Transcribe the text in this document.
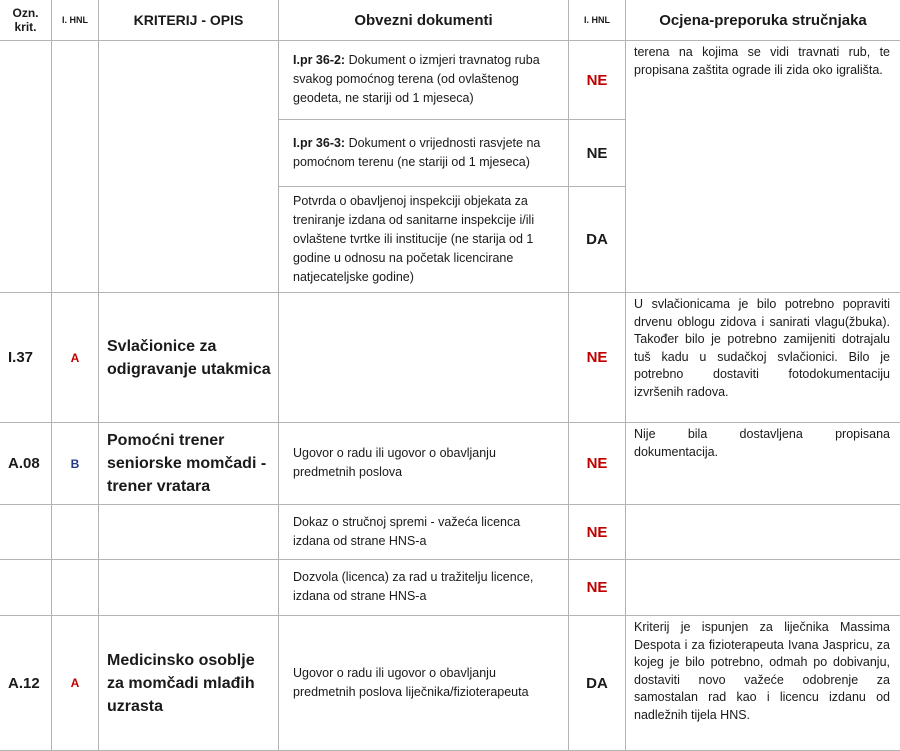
Ozn. krit.	I. HNL	KRITERIJ - OPIS	Obvezni dokumenti	I. HNL	Ocjena-preporuka stručnjaka
			I.pr 36-2: Dokument o izmjeri travnatog ruba svakog pomoćnog terena (od ovlaštenog geodeta, ne stariji od 1 mjeseca)	NE	terena na kojima se vidi travnati rub, te propisana zaštita ograde ili zida oko igrališta.
			I.pr 36-3: Dokument o vrijednosti rasvjete na pomoćnom terenu (ne stariji od 1 mjeseca)	NE	
			Potvrda o obavljenoj inspekciji objekata za treniranje izdana od sanitarne inspekcije i/ili ovlaštene tvrtke ili institucije (ne starija od 1 godine u odnosu na početak licencirane natjecateljske godine)	DA	
I.37	A	Svlačionice za odigravanje utakmica		NE	U svlačionicama je bilo potrebno popraviti drvenu oblogu zidova i sanirati vlagu(žbuka). Također bilo je potrebno zamijeniti dotrajalu tuš kadu u sudačkoj svlačionici. Bilo je potrebno dostaviti fotodokumentaciju izvršenih radova.
A.08	B	Pomoćni trener seniorske momčadi - trener vratara	Ugovor o radu ili ugovor o obavljanju predmetnih poslova	NE	Nije bila dostavljena propisana dokumentacija.
			Dokaz o stručnoj spremi - važeća licenca izdana od strane HNS-a	NE	
			Dozvola (licenca) za rad u tražitelju licence, izdana od strane HNS-a	NE	
A.12	A	Medicinsko osoblje za momčadi mlađih uzrasta	Ugovor o radu ili ugovor o obavljanju predmetnih poslova liječnika/fizioterapeuta	DA	Kriterij je ispunjen za liječnika Massima Despota i za fizioterapeuta Ivana Jaspricu, za kojeg je bilo potrebno, odmah po dobivanju, dostaviti novo važeće odobrenje za samostalan rad kao i licencu izdanu od nadležnih tijela HNS.
